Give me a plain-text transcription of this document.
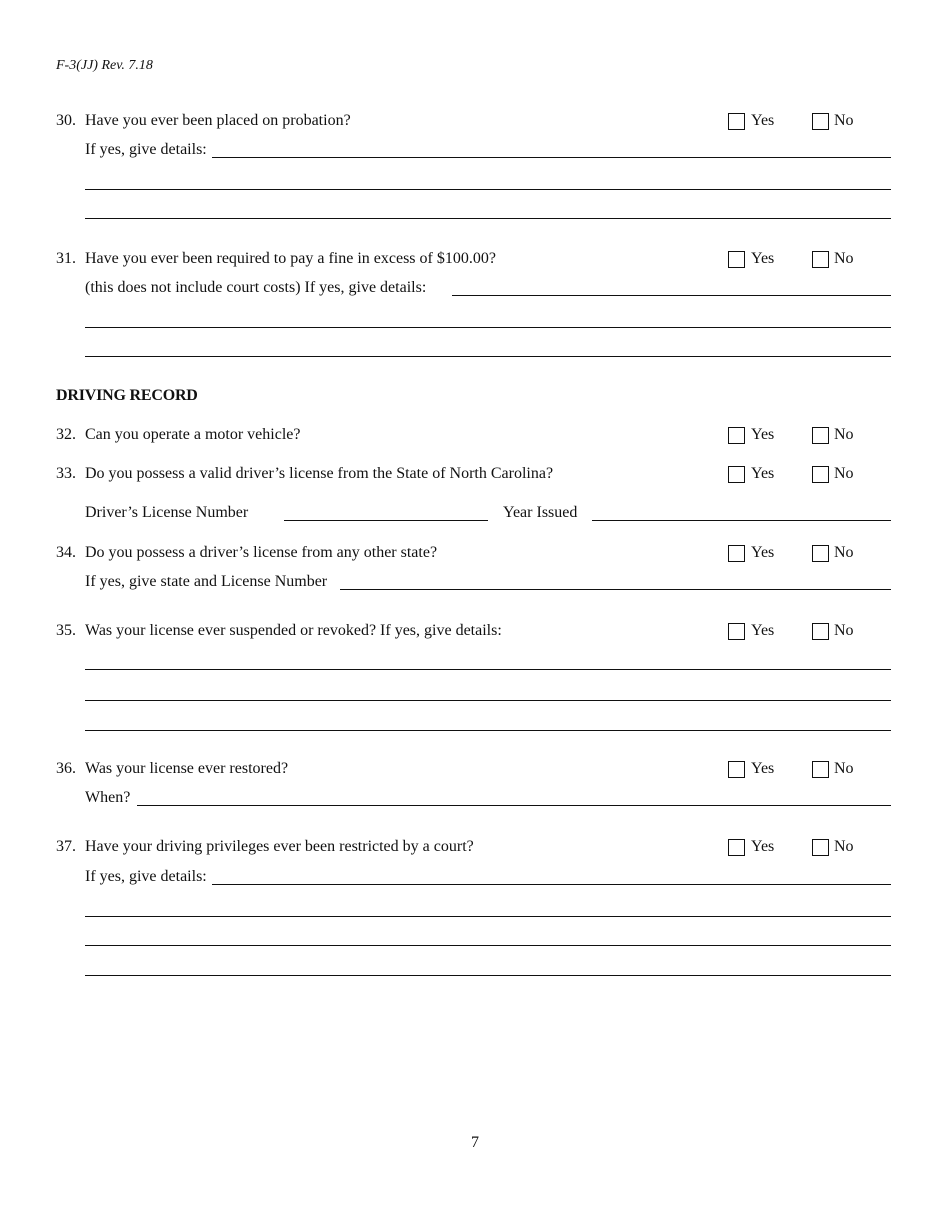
F-3(JJ) Rev. 7.18
30. Have you ever been placed on probation?	Yes	No
If yes, give details:
31. Have you ever been required to pay a fine in excess of $100.00?	Yes	No
(this does not include court costs) If yes, give details:
DRIVING RECORD
32. Can you operate a motor vehicle?	Yes	No
33. Do you possess a valid driver’s license from the State of North Carolina?	Yes	No
Driver’s License Number	Year Issued
34. Do you possess a driver’s license from any other state?	Yes	No
If yes, give state and License Number
35. Was your license ever suspended or revoked? If yes, give details:	Yes	No
36. Was your license ever restored?	Yes	No
When?
37. Have your driving privileges ever been restricted by a court?	Yes	No
If yes, give details:
7
